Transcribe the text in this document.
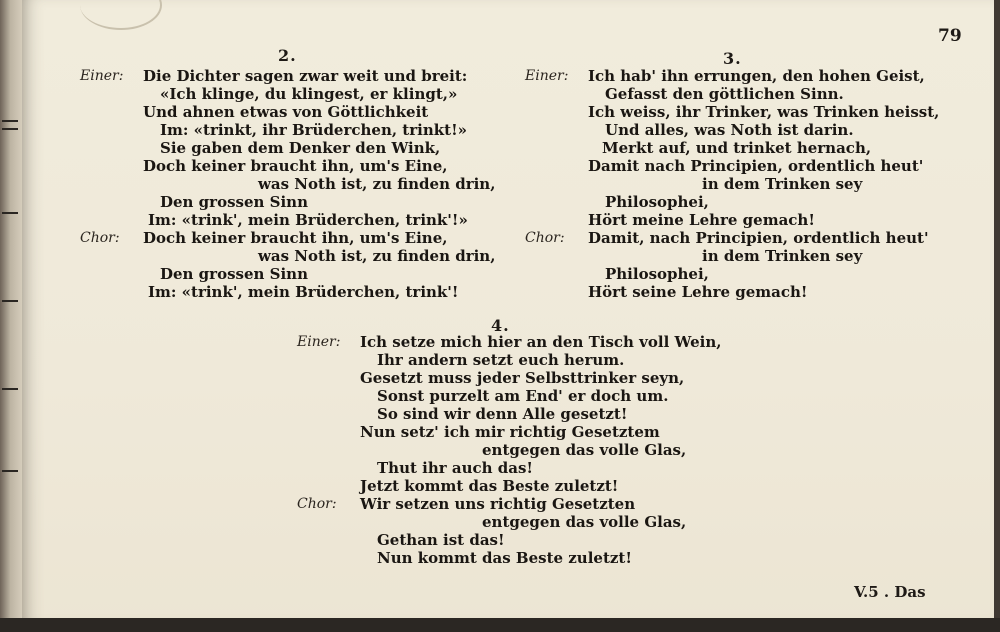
79
2.
Einer: Die Dichter sagen zwar weit und breit:
«Ich klinge, du klingest, er klingt,»
Und ahnen etwas von Göttlichkeit
Im: «trinkt, ihr Brüderchen, trinkt!»
Sie gaben dem Denker den Wink,
Doch keiner braucht ihn, um's Eine,
was Noth ist, zu finden drin,
Den grossen Sinn
Im: «trink', mein Brüderchen, trink'!»
Chor: Doch keiner braucht ihn, um's Eine,
was Noth ist, zu finden drin,
Den grossen Sinn
Im: «trink', mein Brüderchen, trink'!
3.
Einer: Ich hab' ihn errungen, den hohen Geist,
Gefasst den göttlichen Sinn.
Ich weiss, ihr Trinker, was Trinken heisst,
Und alles, was Noth ist darin.
Merkt auf, und trinket hernach,
Damit nach Principien, ordentlich heut'
in dem Trinken sey
Philosophei,
Hört meine Lehre gemach!
Chor: Damit, nach Principien, ordentlich heut'
in dem Trinken sey
Philosophei,
Hört seine Lehre gemach!
4.
Einer: Ich setze mich hier an den Tisch voll Wein,
Ihr andern setzt euch herum.
Gesetzt muss jeder Selbsttrinker seyn,
Sonst purzelt am End' er doch um.
So sind wir denn Alle gesetzt!
Nun setz' ich mir richtig Gesetztem
entgegen das volle Glas,
Thut ihr auch das!
Jetzt kommt das Beste zuletzt!
Chor: Wir setzen uns richtig Gesetzten
entgegen das volle Glas,
Gethan ist das!
Nun kommt das Beste zuletzt!
V.5 . Das
